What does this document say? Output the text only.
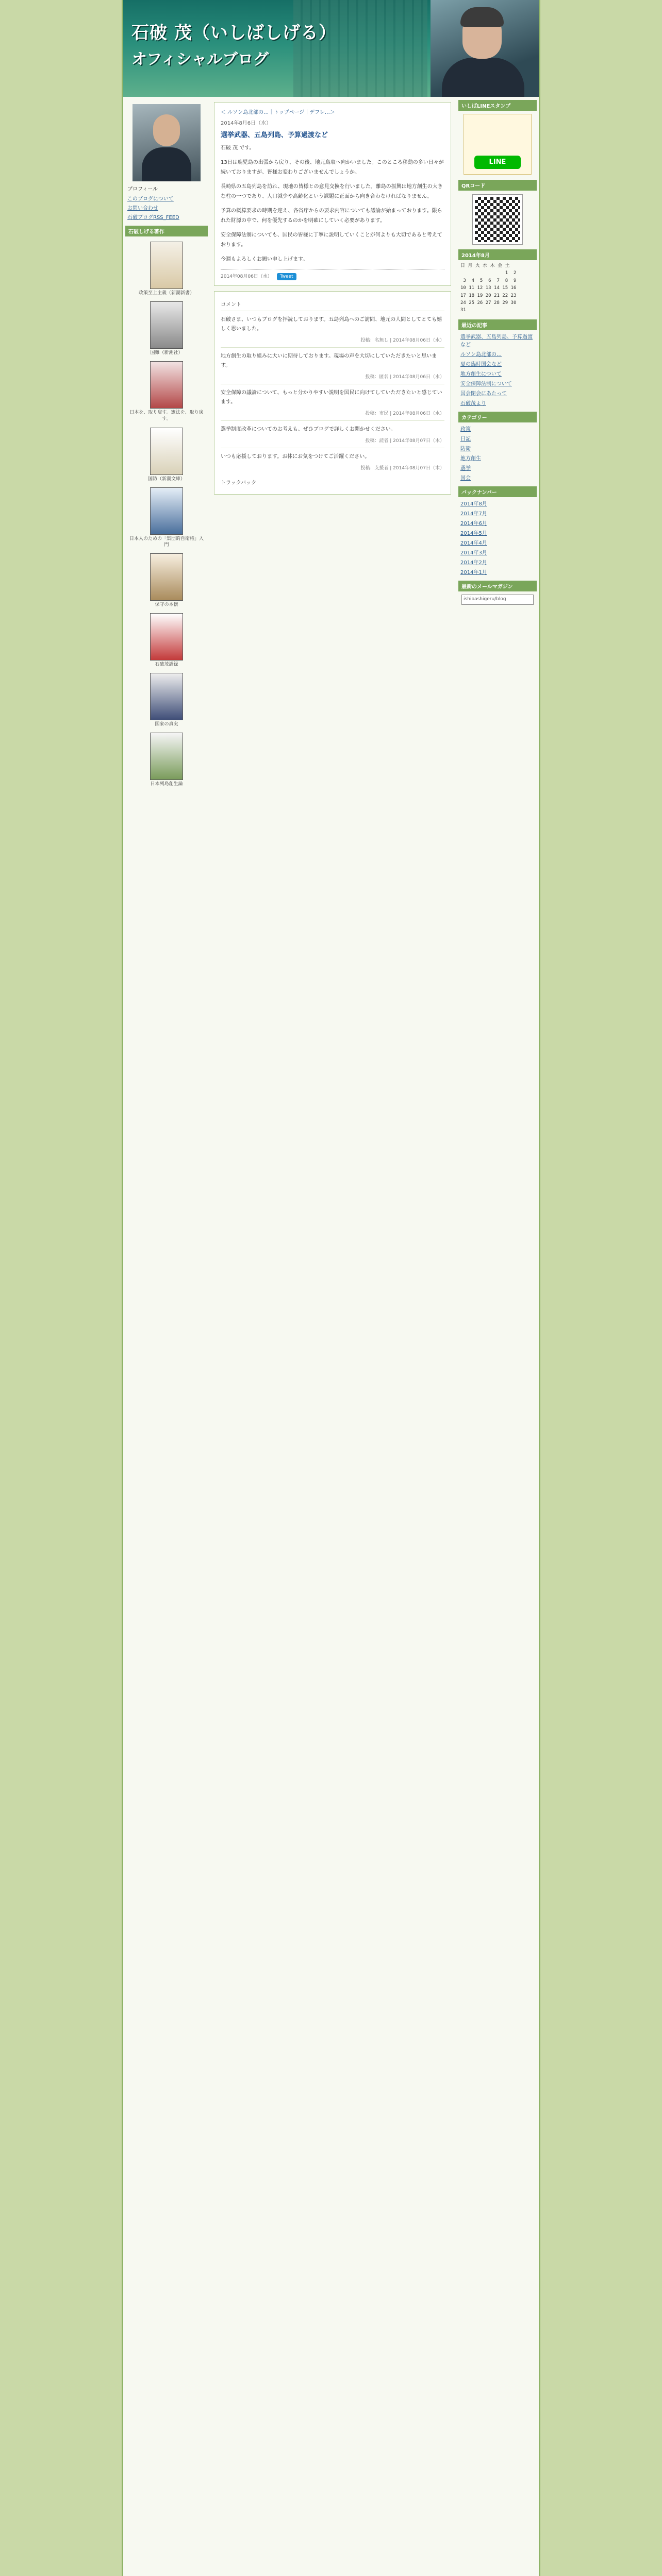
石破 茂（いしばしげる）
オフィシャルブログ
プロフィール
このブログについて
お問い合わせ
石破ブログRSS_FEED
石破しげる著作
政策至上主義（新潮新書）
国難（新潮社）
日本を、取り戻す。憲法を、取り戻す。
国防（新潮文庫）
日本人のための「集団的自衛権」入門
保守の本懐
石破茂語録
国家の真実
日本列島創生論
＜ ルソン島北部の…｜トップページ｜デフレ…＞
2014年8月6日（水）
選挙武器、五島列島、予算過渡など

石破 茂 です。

13日は鹿児島の出張から戻り、その後、地元鳥取へ向かいました。このところ移動の多い日々が続いておりますが、皆様お変わりございませんでしょうか。

長崎県の五島列島を訪れ、現地の皆様との意見交換を行いました。離島の振興は地方創生の大きな柱の一つであり、人口減少や高齢化という課題に正面から向き合わなければなりません。

予算の概算要求の時期を迎え、各省庁からの要求内容についても議論が始まっております。限られた財源の中で、何を優先するのかを明確にしていく必要があります。

安全保障法制についても、国民の皆様に丁寧に説明していくことが何よりも大切であると考えております。

今週もよろしくお願い申し上げます。

2014年08月06日（水） Tweet
コメント

石破さま、いつもブログを拝読しております。五島列島へのご訪問、地元の人間としてとても嬉しく思いました。

投稿：名無し | 2014年08月06日（水）

地方創生の取り組みに大いに期待しております。現場の声を大切にしていただきたいと思います。

投稿：匿名 | 2014年08月06日（水）

安全保障の議論について、もっと分かりやすい説明を国民に向けてしていただきたいと感じています。

投稿：市民 | 2014年08月06日（水）

選挙制度改革についてのお考えも、ぜひブログで詳しくお聞かせください。

投稿：読者 | 2014年08月07日（木）

いつも応援しております。お体にお気をつけてご活躍ください。

投稿：支援者 | 2014年08月07日（木）
トラックバック
いしばLINEスタンプ
LINE
QRコード
2014年8月
日 月 火 水 木 金 土
1  2
3  4  5  6  7  8  9
10 11 12 13 14 15 16
17 18 19 20 21 22 23
24 25 26 27 28 29 30
31
最近の記事
選挙武器、五島列島、予算過渡など
ルソン島北部の…
夏の臨時国会など
地方創生について
安全保障法制について
国会閉会にあたって
石破茂より
カテゴリー
政策
日記
防衛
地方創生
選挙
国会
バックナンバー
2014年8月
2014年7月
2014年6月
2014年5月
2014年4月
2014年3月
2014年2月
2014年1月
最新のメールマガジン
ishibashigeru/blog
